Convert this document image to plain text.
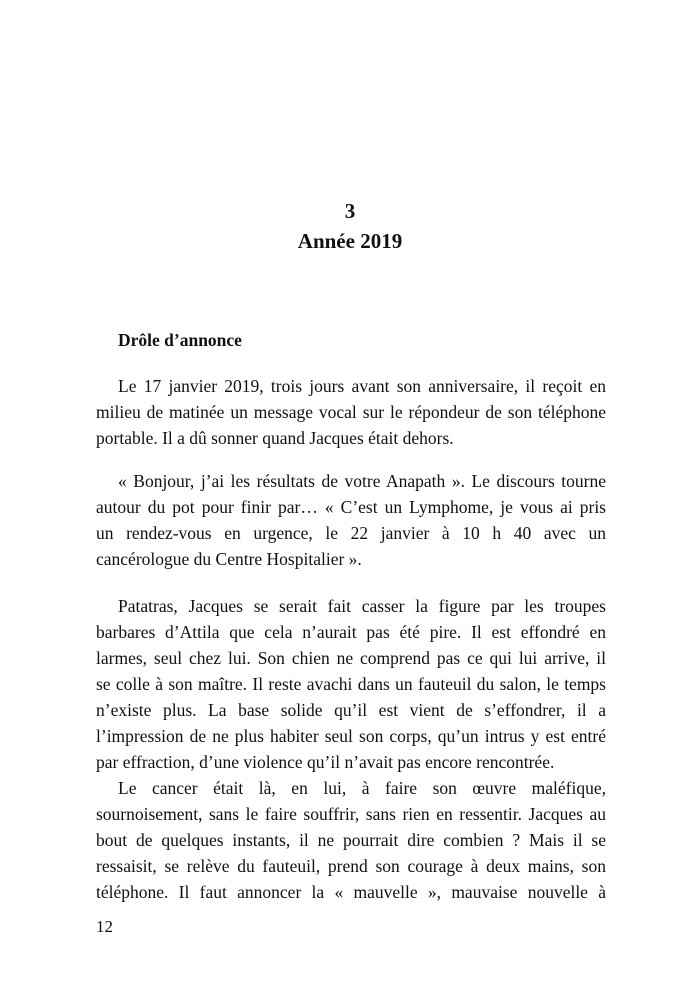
3
Année 2019
Drôle d’annonce
Le 17 janvier 2019, trois jours avant son anniversaire, il reçoit en
milieu de matinée un message vocal sur le répondeur de son téléphone
portable. Il a dû sonner quand Jacques était dehors.
« Bonjour, j’ai les résultats de votre Anapath ». Le discours tourne
autour du pot pour finir par… « C’est un Lymphome, je vous ai pris
un rendez-vous en urgence, le 22 janvier à 10 h 40 avec un
cancérologue du Centre Hospitalier ».
Patatras, Jacques se serait fait casser la figure par les troupes
barbares d’Attila que cela n’aurait pas été pire. Il est effondré en
larmes, seul chez lui. Son chien ne comprend pas ce qui lui arrive, il
se colle à son maître. Il reste avachi dans un fauteuil du salon, le temps
n’existe plus. La base solide qu’il est vient de s’effondrer, il a
l’impression de ne plus habiter seul son corps, qu’un intrus y est entré
par effraction, d’une violence qu’il n’avait pas encore rencontrée.
Le cancer était là, en lui, à faire son œuvre maléfique,
sournoisement, sans le faire souffrir, sans rien en ressentir. Jacques au
bout de quelques instants, il ne pourrait dire combien ? Mais il se
ressaisit, se relève du fauteuil, prend son courage à deux mains, son
téléphone. Il faut annoncer la « mauvelle », mauvaise nouvelle à
12
